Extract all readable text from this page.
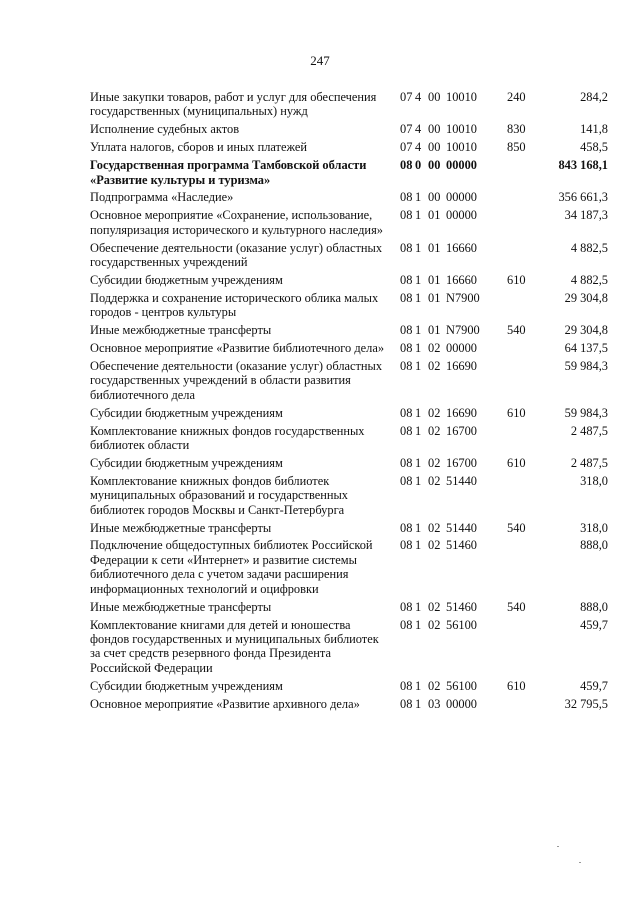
247
Иные закупки товаров, работ и услуг для обеспечения государственных (муниципальных) нужд
07 4 00 10010 240	284,2
Исполнение судебных актов	07 4 00 10010 830	141,8
Уплата налогов, сборов и иных платежей	07 4 00 10010 850	458,5
Государственная программа Тамбовской области «Развитие культуры и туризма»
08 0 00 00000	843 168,1
Подпрограмма «Наследие»	08 1 00 00000	356 661,3
Основное мероприятие «Сохранение, использование, популяризация исторического и культурного наследия»
08 1 01 00000	34 187,3
Обеспечение деятельности (оказание услуг) областных государственных учреждений
08 1 01 16660	4 882,5
Субсидии бюджетным учреждениям	08 1 01 16660 610	4 882,5
Поддержка и сохранение исторического облика малых городов - центров культуры
08 1 01 N7900	29 304,8
Иные межбюджетные трансферты	08 1 01 N7900 540	29 304,8
Основное мероприятие «Развитие библиотечного дела»	08 1 02 00000	64 137,5
Обеспечение деятельности (оказание услуг) областных государственных учреждений в области развития библиотечного дела
08 1 02 16690	59 984,3
Субсидии бюджетным учреждениям	08 1 02 16690 610	59 984,3
Комплектование книжных фондов государственных библиотек области
08 1 02 16700	2 487,5
Субсидии бюджетным учреждениям	08 1 02 16700 610	2 487,5
Комплектование книжных фондов библиотек муниципальных образований и государственных библиотек городов Москвы и Санкт-Петербурга
08 1 02 51440	318,0
Иные межбюджетные трансферты	08 1 02 51440 540	318,0
Подключение общедоступных библиотек Российской Федерации к сети «Интернет» и развитие системы библиотечного дела с учетом задачи расширения информационных технологий и оцифровки
08 1 02 51460	888,0
Иные межбюджетные трансферты	08 1 02 51460 540	888,0
Комплектование книгами для детей и юношества фондов государственных и муниципальных библиотек за счет средств резервного фонда Президента Российской Федерации
08 1 02 56100	459,7
Субсидии бюджетным учреждениям	08 1 02 56100 610	459,7
Основное мероприятие «Развитие архивного дела»	08 1 03 00000	32 795,5
